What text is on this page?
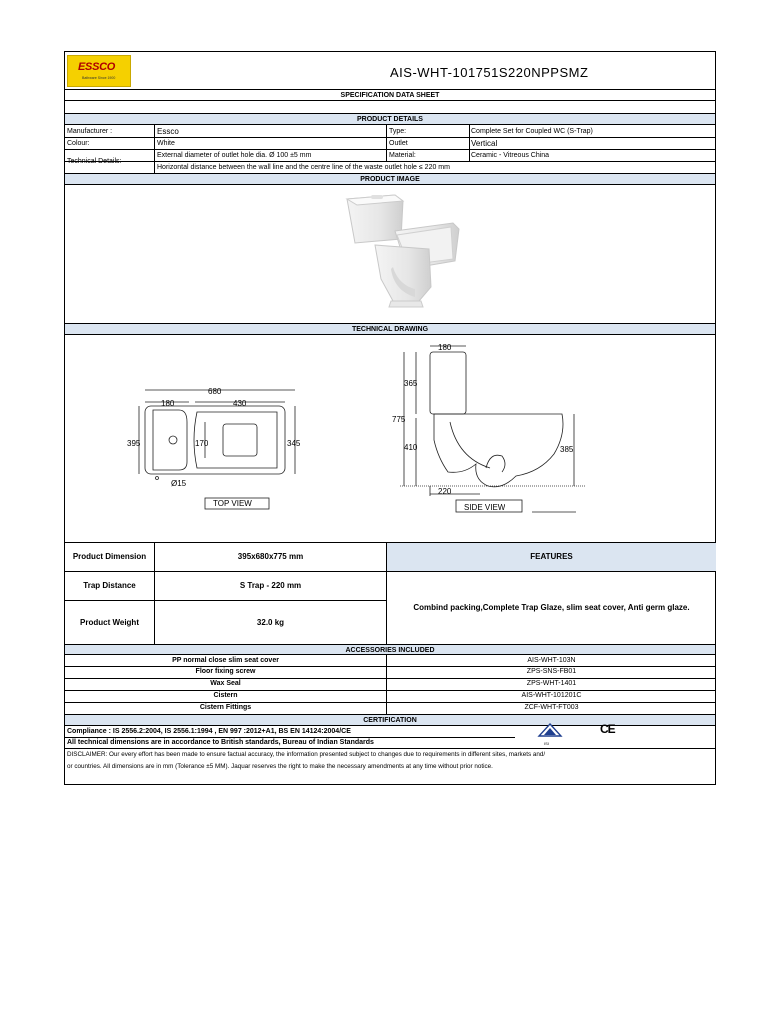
ESSCO
Bathware Since 1900	AIS-WHT-101751S220NPPSMZ
SPECIFICATION DATA SHEET
PRODUCT DETAILS
Manufacturer :	Essco	Type:	Complete Set for Coupled WC (S-Trap)
Colour:	White	Outlet	Vertical
Technical Details:
External diameter of outlet hole dia. Ø 100 ±5 mm	Material:	Ceramic - Vitreous China
Horizontal distance between the wall line and the centre line of the waste outlet hole ≤ 220 mm
PRODUCT IMAGE
TECHNICAL DRAWING
680
180	430
395	170	345
Ø15
TOP VIEW
180
365
775
410	385
220
SIDE VIEW
Product Dimension	395x680x775 mm	FEATURES
Trap Distance	S Trap - 220 mm
Combind packing,Complete Trap Glaze, slim seat cover, Anti germ glaze.
Product Weight	32.0 kg
ACCESSORIES INCLUDED
PP normal close slim seat cover	AIS-WHT-103N
Floor fixing screw	ZPS-SNS-FB01
Wax Seal	ZPS-WHT-1401
Cistern	AIS-WHT-101201C
Cistern Fittings	ZCF-WHT-FT003
CERTIFICATION
Compliance : IS 2556.2:2004, IS 2556.1:1994 , EN 997 :2012+A1, BS EN 14124:2004/CE
All technical dimensions are in accordance to British standards, Bureau of Indian Standards
DISCLAIMER: Our every effort has been made to ensure factual accuracy, the information presented subject to changes due to requirements in different sites, markets and/
or countries. All dimensions are in mm (Tolerance ±5 MM). Jaquar reserves the right to make the necessary amendments at any time without prior notice.
ISI
CE
